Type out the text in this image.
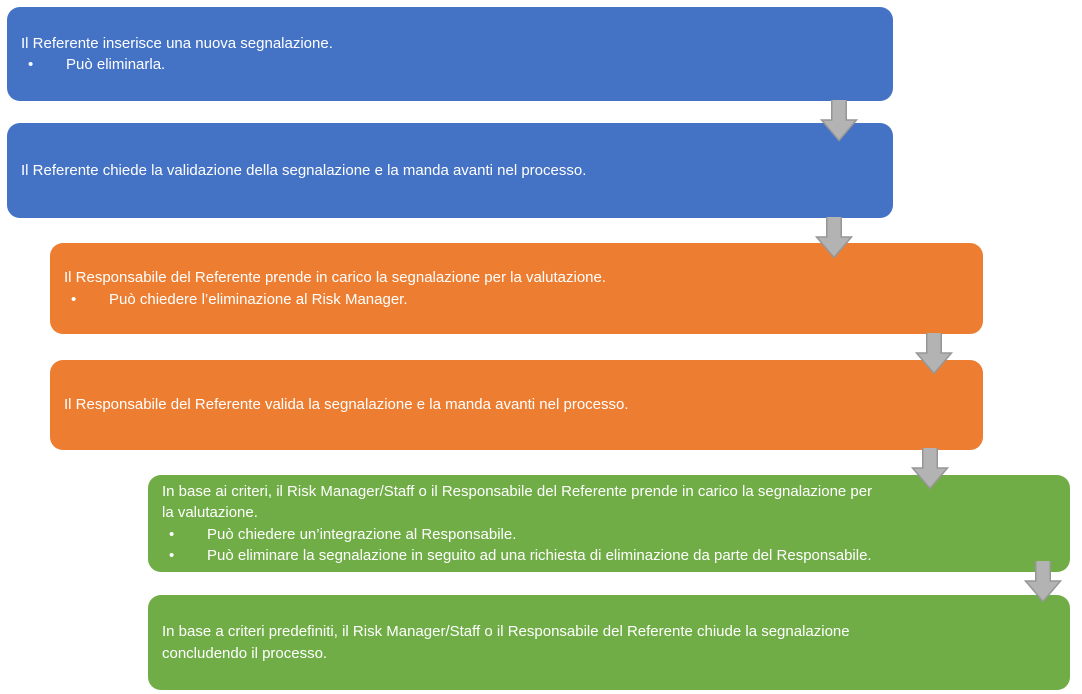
Il Referente inserisce una nuova segnalazione.
•	Può eliminarla.
Il Referente chiede la validazione della segnalazione e la manda avanti nel processo.
Il Responsabile del Referente prende in carico la segnalazione per la valutazione.
•	Può chiedere l’eliminazione al Risk Manager.
Il Responsabile del Referente valida la segnalazione e la manda avanti nel processo.
In base ai criteri, il Risk Manager/Staff o il Responsabile del Referente prende in carico la segnalazione per
la valutazione.
•	Può chiedere un’integrazione al Responsabile.
•	Può eliminare la segnalazione in seguito ad una richiesta di eliminazione da parte del Responsabile.
In base a criteri predefiniti, il Risk Manager/Staff o il Responsabile del Referente chiude la segnalazione
concludendo il processo.
